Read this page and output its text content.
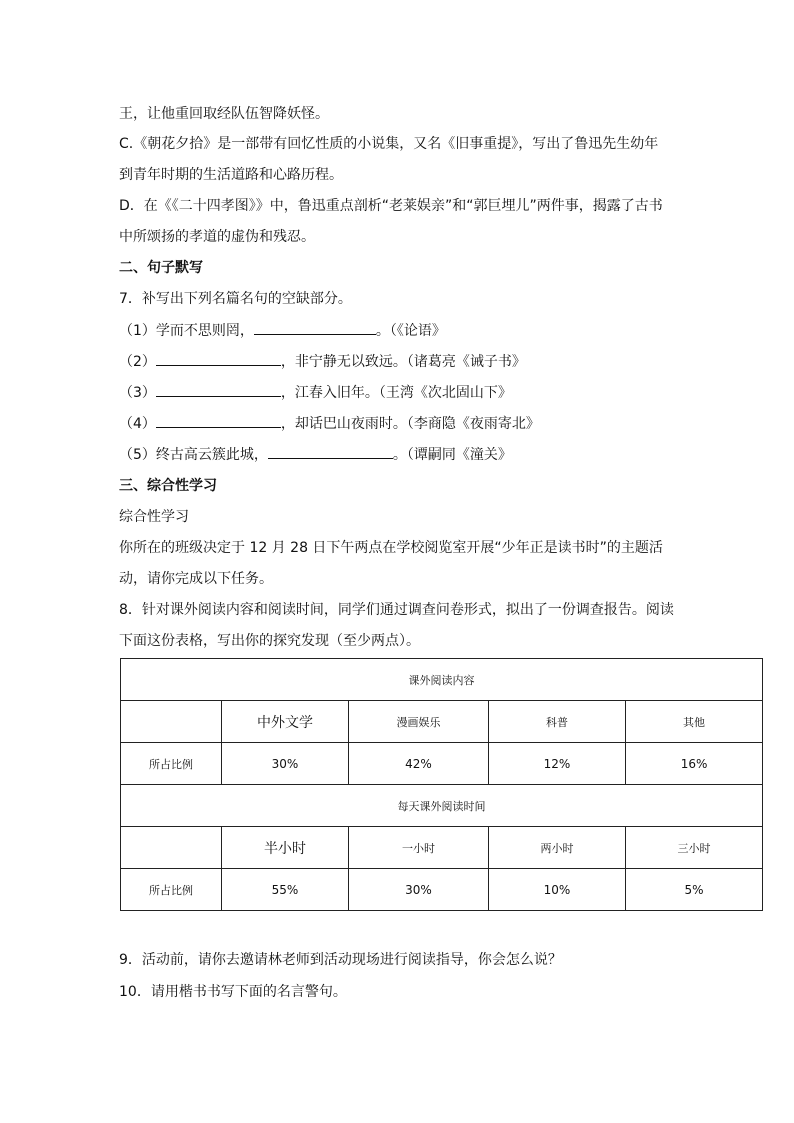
王，让他重回取经队伍智降妖怪。
C.《朝花夕拾》是一部带有回忆性质的小说集，又名《旧事重提》，写出了鲁迅先生幼年
到青年时期的生活道路和心路历程。
D．在《《二十四孝图》》中，鲁迅重点剖析“老莱娱亲”和“郭巨埋儿”两件事，揭露了古书
中所颂扬的孝道的虚伪和残忍。
二、句子默写
7．补写出下列名篇名句的空缺部分。
（1）学而不思则罔，	。（《论语》
（2）	，非宁静无以致远。（诸葛亮《诫子书》
（3）	，江春入旧年。（王湾《次北固山下》
（4）	，却话巴山夜雨时。（李商隐《夜雨寄北》
（5）终古高云簇此城，	。（谭嗣同《潼关》
三、综合性学习
综合性学习
你所在的班级决定于 12 月 28 日下午两点在学校阅览室开展“少年正是读书时”的主题活
动，请你完成以下任务。
8．针对课外阅读内容和阅读时间，同学们通过调查问卷形式，拟出了一份调查报告。阅读
下面这份表格，写出你的探究发现（至少两点）。
课外阅读内容				
	中外文学	漫画娱乐	科普	其他
所占比例	30%	42%	12%	16%
每天课外阅读时间				
	半小时	一小时	两小时	三小时
所占比例	55%	30%	10%	5%
9．活动前，请你去邀请林老师到活动现场进行阅读指导，你会怎么说？
10．请用楷书书写下面的名言警句。
